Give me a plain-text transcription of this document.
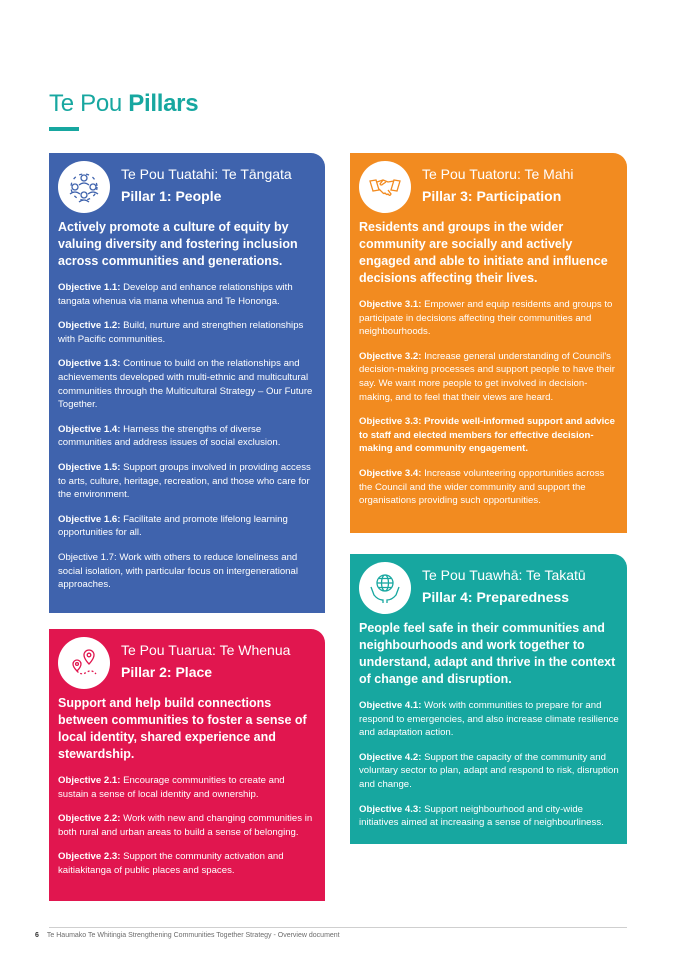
Te Pou Pillars
Te Pou Tuatahi: Te Tāngata
Pillar 1: People

Actively promote a culture of equity by valuing diversity and fostering inclusion across communities and generations.

Objective 1.1: Develop and enhance relationships with tangata whenua via mana whenua and Te Hononga.

Objective 1.2: Build, nurture and strengthen relationships with Pacific communities.

Objective 1.3: Continue to build on the relationships and achievements developed with multi-ethnic and multicultural communities through the Multicultural Strategy – Our Future Together.

Objective 1.4: Harness the strengths of diverse communities and address issues of social exclusion.

Objective 1.5: Support groups involved in providing access to arts, culture, heritage, recreation, and those who care for the environment.

Objective 1.6: Facilitate and promote lifelong learning opportunities for all.

Objective 1.7: Work with others to reduce loneliness and social isolation, with particular focus on intergenerational approaches.

Te Pou Tuarua: Te Whenua
Pillar 2: Place

Support and help build connections between communities to foster a sense of local identity, shared experience and stewardship.

Objective 2.1: Encourage communities to create and sustain a sense of local identity and ownership.

Objective 2.2: Work with new and changing communities in both rural and urban areas to build a sense of belonging.

Objective 2.3: Support the community activation and kaitiakitanga of public places and spaces.

Te Pou Tuatoru: Te Mahi
Pillar 3: Participation

Residents and groups in the wider community are socially and actively engaged and able to initiate and influence decisions affecting their lives.

Objective 3.1: Empower and equip residents and groups to participate in decisions affecting their communities and neighbourhoods.

Objective 3.2: Increase general understanding of Council's decision-making processes and support people to have their say. We want more people to get involved in decision-making, and to feel that their views are heard.

Objective 3.3: Provide well-informed support and advice to staff and elected members for effective decision-making and community engagement.

Objective 3.4: Increase volunteering opportunities across the Council and the wider community and support the organisations providing such opportunities.

Te Pou Tuawhā: Te Takatū
Pillar 4: Preparedness

People feel safe in their communities and neighbourhoods and work together to understand, adapt and thrive in the context of change and disruption.

Objective 4.1: Work with communities to prepare for and respond to emergencies, and also increase climate resilience and adaptation action.

Objective 4.2: Support the capacity of the community and voluntary sector to plan, adapt and respond to risk, disruption and change.

Objective 4.3: Support neighbourhood and city-wide initiatives aimed at increasing a sense of neighbourliness.

6 Te Haumako Te Whitingia Strengthening Communities Together Strategy - Overview document
